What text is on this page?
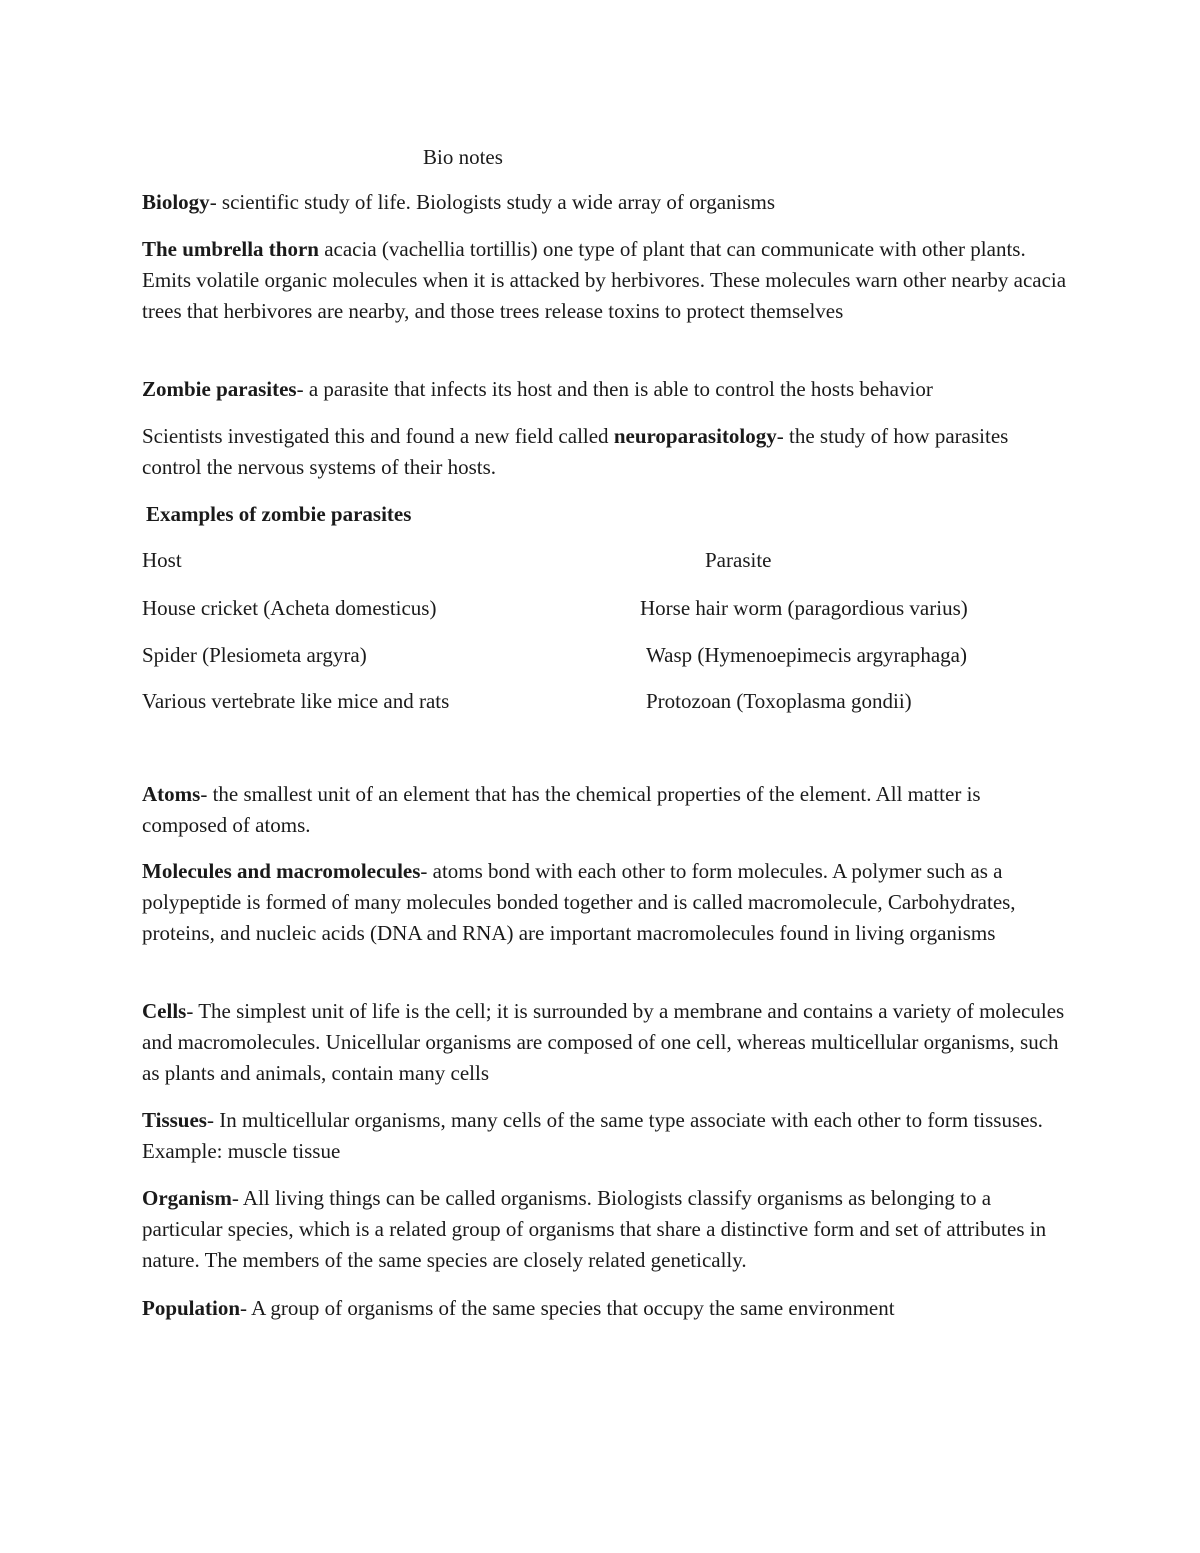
Bio notes

Biology- scientific study of life. Biologists study a wide array of organisms

The umbrella thorn acacia (vachellia tortillis) one type of plant that can communicate with other plants. Emits volatile organic molecules when it is attacked by herbivores. These molecules warn other nearby acacia trees that herbivores are nearby, and those trees release toxins to protect themselves

Zombie parasites- a parasite that infects its host and then is able to control the hosts behavior

Scientists investigated this and found a new field called neuroparasitology- the study of how parasites control the nervous systems of their hosts.

Examples of zombie parasites
Host	Parasite
House cricket (Acheta domesticus)	Horse hair worm (paragordious varius)
Spider (Plesiometa argyra)	Wasp (Hymenoepimecis argyraphaga)
Various vertebrate like mice and rats	Protozoan (Toxoplasma gondii)

Atoms- the smallest unit of an element that has the chemical properties of the element. All matter is composed of atoms.

Molecules and macromolecules- atoms bond with each other to form molecules. A polymer such as a polypeptide is formed of many molecules bonded together and is called macromolecule, Carbohydrates, proteins, and nucleic acids (DNA and RNA) are important macromolecules found in living organisms

Cells- The simplest unit of life is the cell; it is surrounded by a membrane and contains a variety of molecules and macromolecules. Unicellular organisms are composed of one cell, whereas multicellular organisms, such as plants and animals, contain many cells

Tissues- In multicellular organisms, many cells of the same type associate with each other to form tissuses. Example: muscle tissue

Organism- All living things can be called organisms. Biologists classify organisms as belonging to a particular species, which is a related group of organisms that share a distinctive form and set of attributes in nature. The members of the same species are closely related genetically.

Population- A group of organisms of the same species that occupy the same environment
